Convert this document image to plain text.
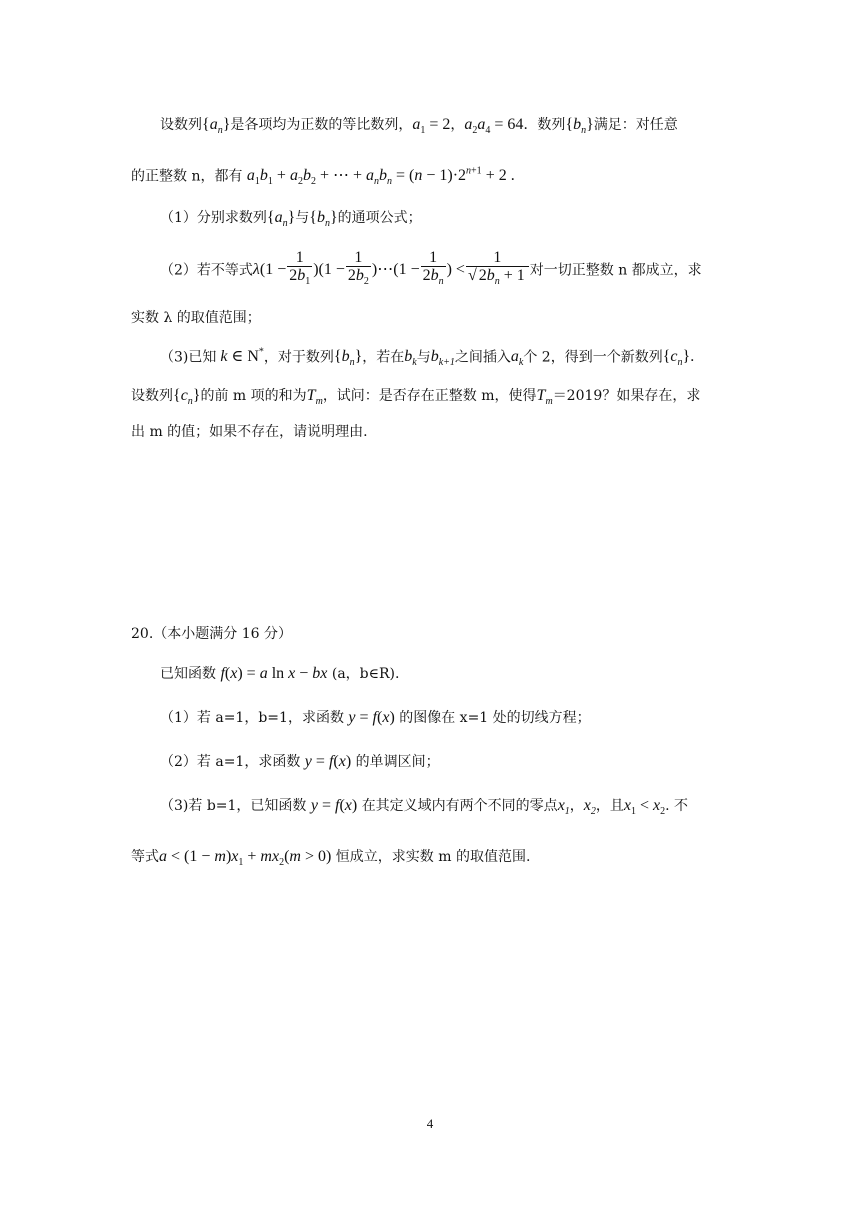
设数列$\{a_n\}$是各项均为正数的等比数列，$a_1 = 2$，$a_2a_4 = 64$．数列$\{b_n\}$满足：对任意
的正整数 n，都有 $a_1b_1 + a_2b_2$ + ⋯ + $a_nb_n = (n - 1)\cdot 2^{n+1} + 2$ .
（1）分别求数列$\{a_n\}$与$\{b_n\}$的通项公式；
（2）若不等式$\lambda(1 - \frac{1}{2b_1} )(1 - \frac{1}{2b_2}$ )⋯(1 − $\frac{1}{2b_n}$ ) < $\frac{1}{√ 2b_n + 1}$ 对一切正整数 n 都成立，求
实数 λ 的取值范围；
（3)已知 k ∈ N*，对于数列$\{b_n\}$，若在$b_k$与$b_{k+1}$之间插入$a_k$个 2，得到一个新数列$\{c_n\}$.
设数列$\{c_n\}$的前 m 项的和为$T_m$，试问：是否存在正整数 m，使得$T_m=2019$？如果存在，求
出 m 的值；如果不存在，请说明理由.
20.（本小题满分 16 分）
已知函数 f(x) = a ln x − bx (a，b∈R).
（1）若 a=1，b=1，求函数 y = f(x) 的图像在 x=1 处的切线方程；
（2）若 a=1，求函数 y = f(x) 的单调区间；
（3)若 b=1，已知函数 y = f(x) 在其定义域内有两个不同的零点$x_1$，$x_2$，且$x_1 < x_2$. 不
等式$a < (1 - m)x_1 + mx_2(m > 0)$ 恒成立，求实数 m 的取值范围.
4
